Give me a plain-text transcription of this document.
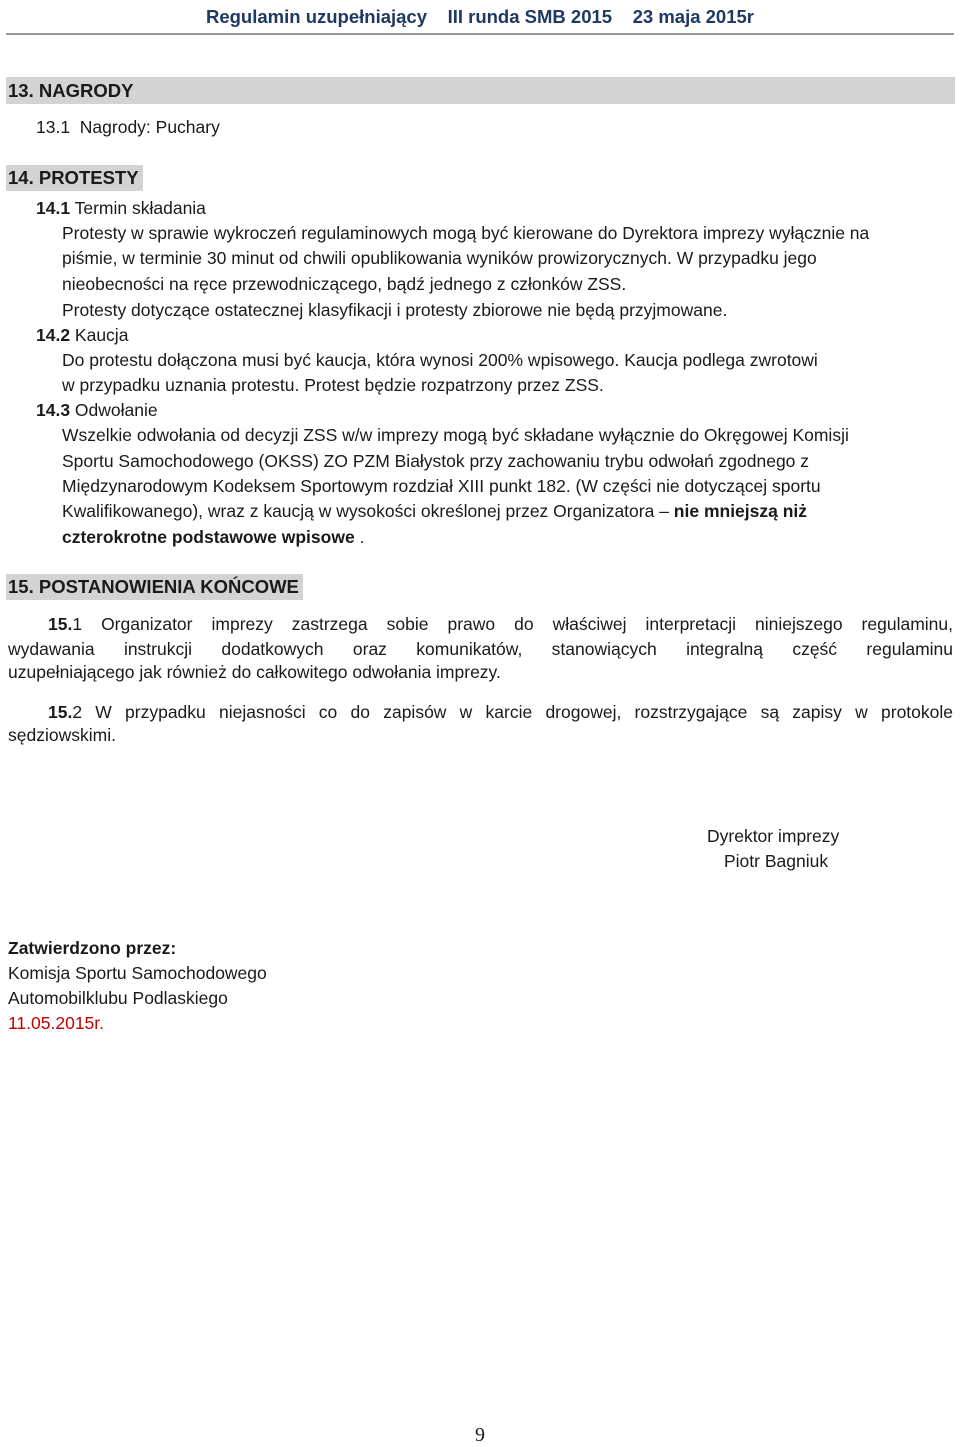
Regulamin uzupełniający    III runda SMB 2015    23 maja 2015r
13. NAGRODY
13.1  Nagrody: Puchary
14. PROTESTY
14.1 Termin składania
Protesty w sprawie wykroczeń regulaminowych mogą być kierowane do Dyrektora imprezy wyłącznie na
piśmie, w terminie 30 minut od chwili opublikowania wyników prowizorycznych. W przypadku jego
nieobecności na ręce przewodniczącego, bądź jednego z członków ZSS.
Protesty dotyczące ostatecznej klasyfikacji i protesty zbiorowe nie będą przyjmowane.
14.2 Kaucja
Do protestu dołączona musi być kaucja, która wynosi 200% wpisowego. Kaucja podlega zwrotowi
w przypadku uznania protestu. Protest będzie rozpatrzony przez ZSS.
14.3 Odwołanie
Wszelkie odwołania od decyzji ZSS w/w imprezy mogą być składane wyłącznie do Okręgowej Komisji
Sportu Samochodowego (OKSS) ZO PZM Białystok przy zachowaniu trybu odwołań zgodnego z
Międzynarodowym Kodeksem Sportowym rozdział XIII punkt 182. (W części nie dotyczącej sportu
Kwalifikowanego), wraz z kaucją w wysokości określonej przez Organizatora – nie mniejszą niż
czterokrotne podstawowe wpisowe .
15. POSTANOWIENIA KOŃCOWE
15.1 Organizator imprezy zastrzega sobie prawo do właściwej interpretacji niniejszego regulaminu,
wydawania instrukcji dodatkowych oraz komunikatów, stanowiących integralną część regulaminu
uzupełniającego jak również do całkowitego odwołania imprezy.
15.2 W przypadku niejasności co do zapisów w karcie drogowej, rozstrzygające są zapisy w protokole
sędziowskimi.
Dyrektor imprezy
Piotr Bagniuk
Zatwierdzono przez:
Komisja Sportu Samochodowego
Automobilklubu Podlaskiego
11.05.2015r.
9
